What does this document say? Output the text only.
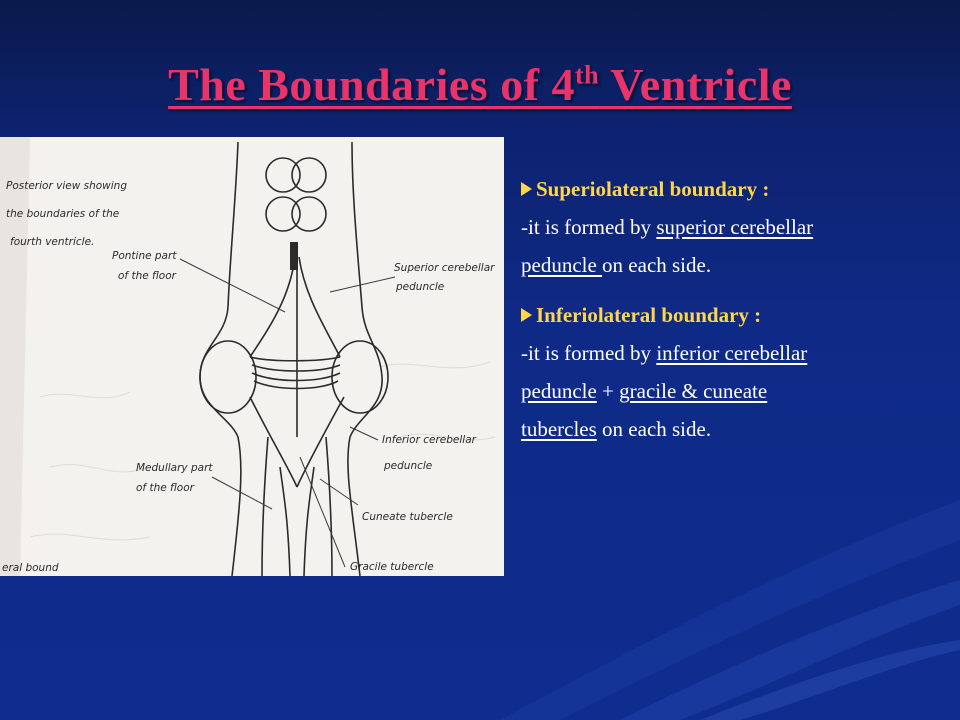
The Boundaries of 4th Ventricle
Posterior view showing
the boundaries of the
fourth ventricle.
Pontine part
of the floor
Superior cerebellar
peduncle
Inferior cerebellar
peduncle
Medullary part
of the floor
Cuneate tubercle
Gracile tubercle
eral bound
Superiolateral boundary :
-it is formed by superior cerebellar
peduncle on each side.
Inferiolateral boundary :
-it is formed by inferior cerebellar
peduncle + gracile & cuneate
tubercles on each side.
